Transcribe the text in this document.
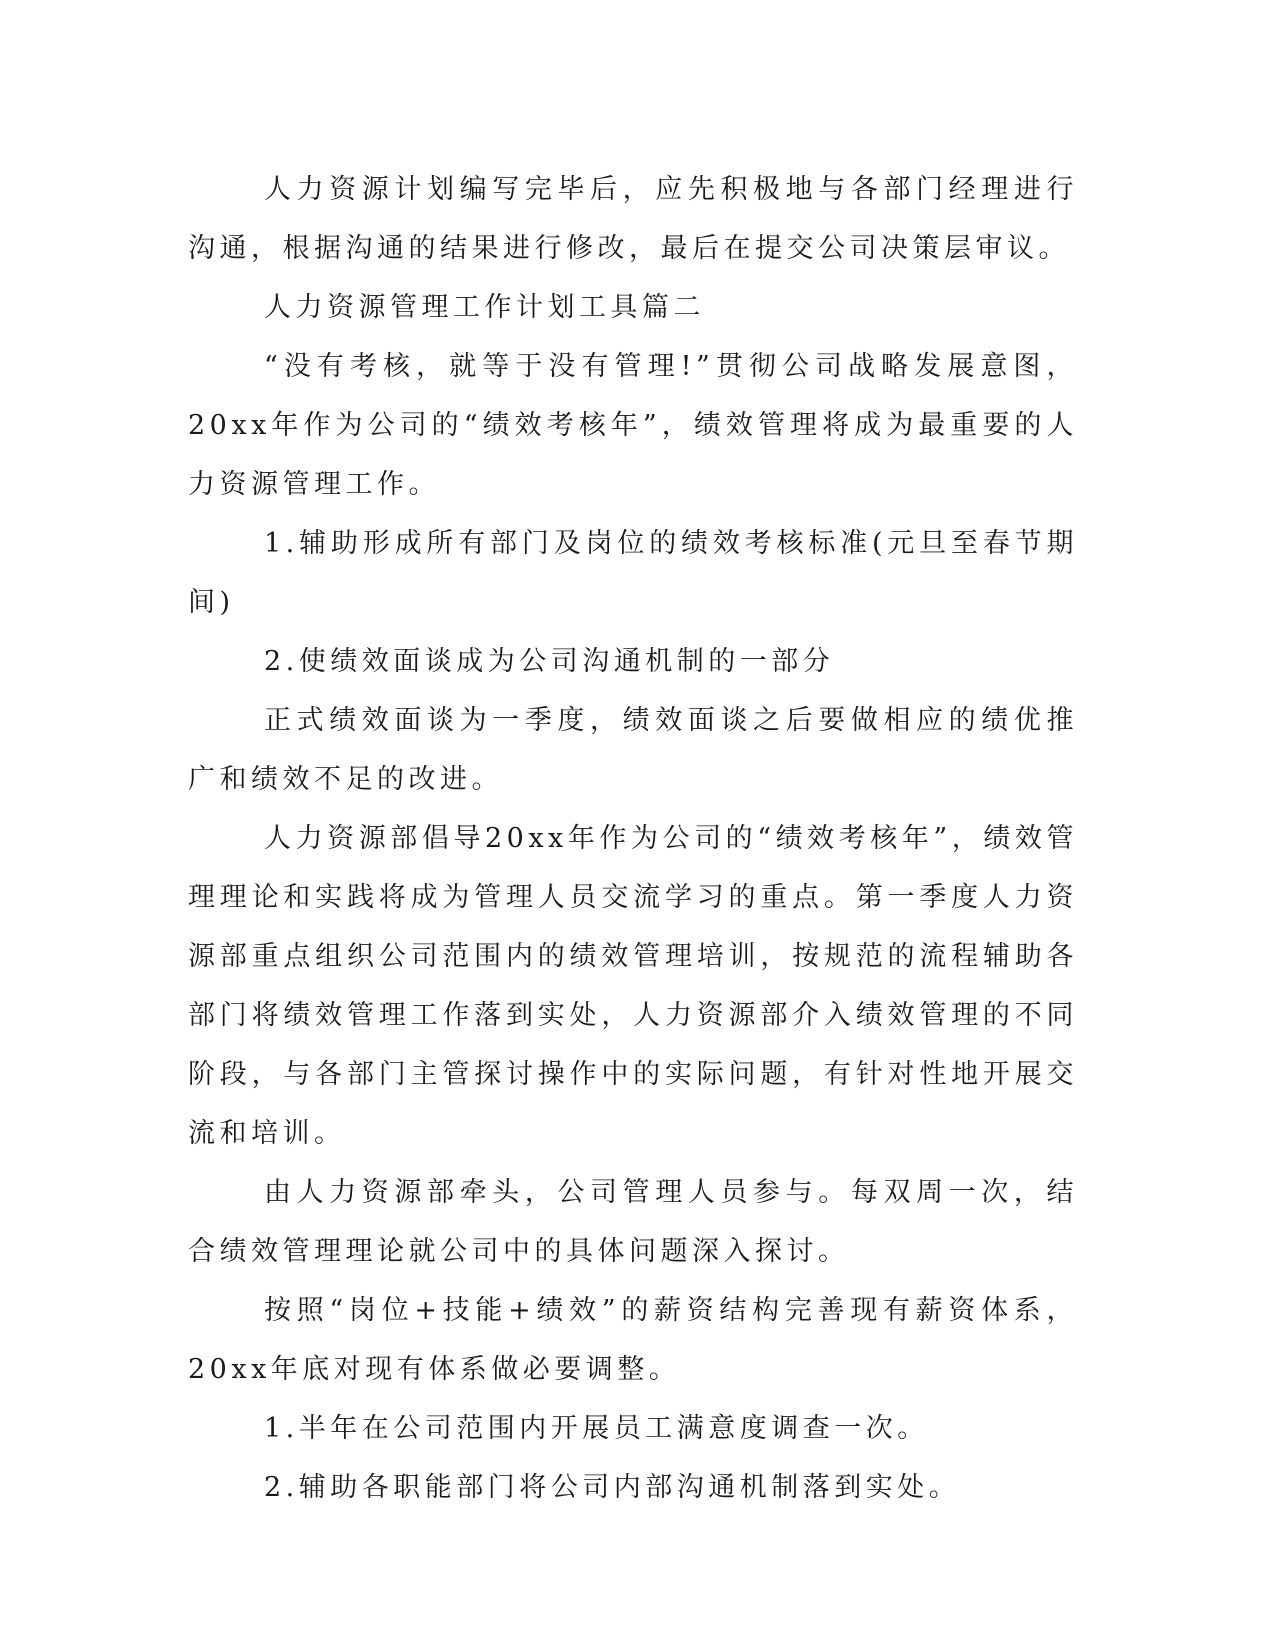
人力资源计划编写完毕后，应先积极地与各部门经理进行沟通，根据沟通的结果进行修改，最后在提交公司决策层审议。

人力资源管理工作计划工具篇二

“没有考核，就等于没有管理!”贯彻公司战略发展意图，20xx年作为公司的“绩效考核年”，绩效管理将成为最重要的人力资源管理工作。

1.辅助形成所有部门及岗位的绩效考核标准(元旦至春节期间)

2.使绩效面谈成为公司沟通机制的一部分

正式绩效面谈为一季度，绩效面谈之后要做相应的绩优推广和绩效不足的改进。

人力资源部倡导20xx年作为公司的“绩效考核年”，绩效管理理论和实践将成为管理人员交流学习的重点。第一季度人力资源部重点组织公司范围内的绩效管理培训，按规范的流程辅助各部门将绩效管理工作落到实处，人力资源部介入绩效管理的不同阶段，与各部门主管探讨操作中的实际问题，有针对性地开展交流和培训。

由人力资源部牵头，公司管理人员参与。每双周一次，结合绩效管理理论就公司中的具体问题深入探讨。

按照“岗位+技能+绩效”的薪资结构完善现有薪资体系，20xx年底对现有体系做必要调整。

1.半年在公司范围内开展员工满意度调查一次。

2.辅助各职能部门将公司内部沟通机制落到实处。
